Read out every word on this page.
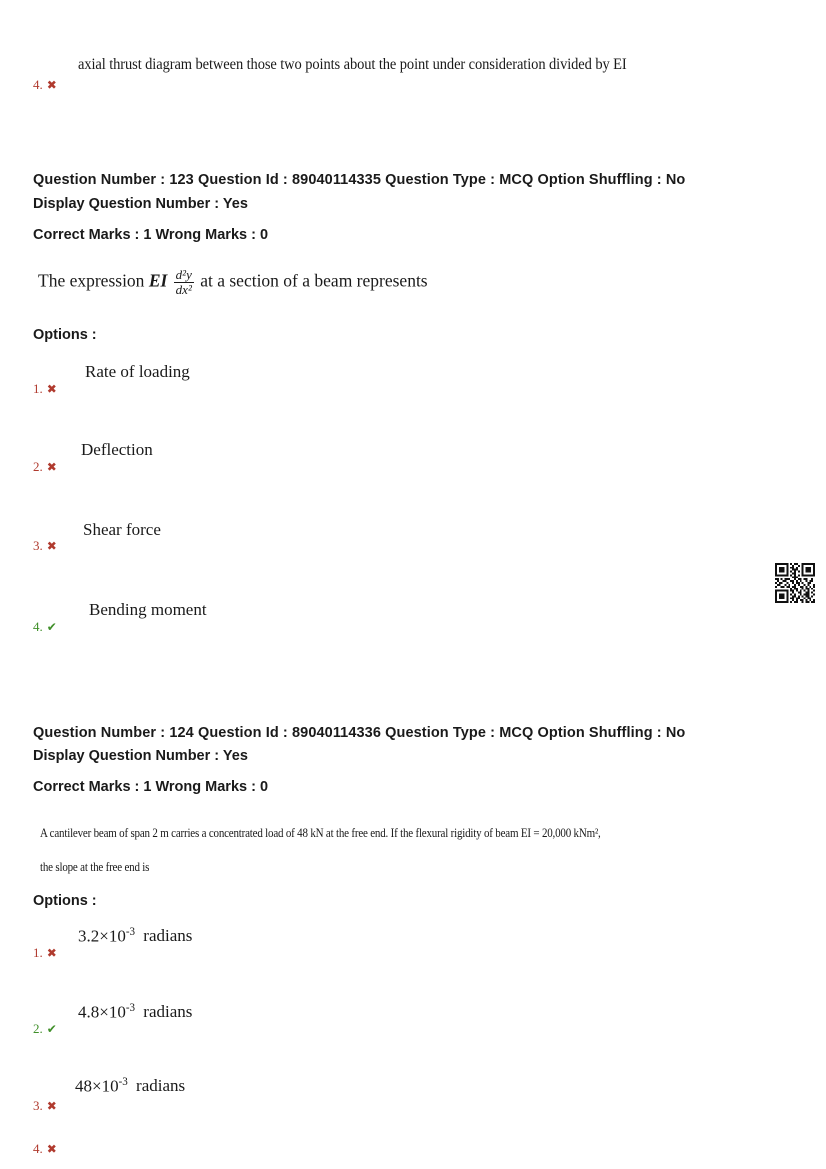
4. ✖
axial thrust diagram between those two points about the point under consideration divided by EI
Question Number : 123 Question Id : 89040114335 Question Type : MCQ Option Shuffling : No
Display Question Number : Yes
Correct Marks : 1 Wrong Marks : 0
The expression EI $\frac{\text{d²y}}{\text{dx²}}$ at a section of a beam represents
Options :
1. ✖
Rate of loading
2. ✖
Deflection
3. ✖
Shear force
4. ✔
Bending moment
Question Number : 124 Question Id : 89040114336 Question Type : MCQ Option Shuffling : No
Display Question Number : Yes
Correct Marks : 1 Wrong Marks : 0
A cantilever beam of span 2 m carries a concentrated load of 48 kN at the free end. If the flexural rigidity of beam EI = 20,000 kNm²,
the slope at the free end is
Options :
1. ✖
$3.2\times 10^{-3}$ radians
2. ✔
$4.8\times 10^{-3}$ radians
3. ✖
$48\times 10^{-3}$ radians
4. ✖
